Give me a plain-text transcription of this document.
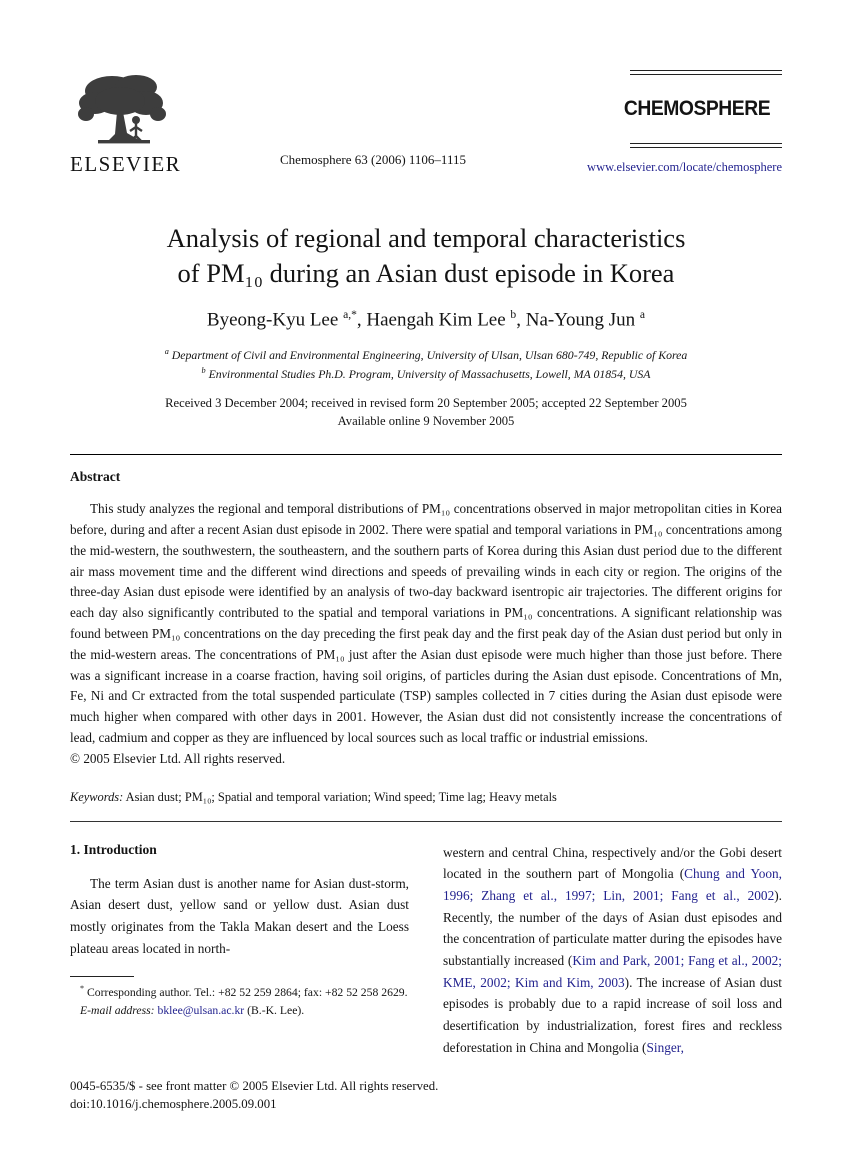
ELSEVIER	Chemosphere 63 (2006) 1106–1115
CHEMOSPHERE
www.elsevier.com/locate/chemosphere
Analysis of regional and temporal characteristics
of PM₁₀ during an Asian dust episode in Korea
Byeong-Kyu Lee $^{a,*}$, Haengah Kim Lee $^b$, Na-Young Jun $^a$
$^a$ Department of Civil and Environmental Engineering, University of Ulsan, Ulsan 680-749, Republic of Korea
$^b$ Environmental Studies Ph.D. Program, University of Massachusetts, Lowell, MA 01854, USA
Received 3 December 2004; received in revised form 20 September 2005; accepted 22 September 2005
Available online 9 November 2005
Abstract

This study analyzes the regional and temporal distributions of PM₁₀ concentrations observed in major metropolitan cities in Korea before, during and after a recent Asian dust episode in 2002. There were spatial and temporal variations in PM₁₀ concentrations among the mid-western, the southwestern, the southeastern, and the southern parts of Korea during this Asian dust period due to the different air mass movement time and the different wind directions and speeds of prevailing winds in each city or region. The origins of the three-day Asian dust episode were identified by an analysis of two-day backward isentropic air trajectories. The different origins for each day also significantly contributed to the spatial and temporal variations in PM₁₀ concentrations. A significant relationship was found between PM₁₀ concentrations on the day preceding the first peak day and the first peak day of the Asian dust period but only in the mid-western areas. The concentrations of PM₁₀ just after the Asian dust episode were much higher than those just before. There was a significant increase in a coarse fraction, having soil origins, of particles during the Asian dust episode. Concentrations of Mn, Fe, Ni and Cr extracted from the total suspended particulate (TSP) samples collected in 7 cities during the Asian dust episode were much higher when compared with other days in 2001. However, the Asian dust did not consistently increase the concentrations of lead, cadmium and copper as they are influenced by local sources such as local traffic or industrial emissions.

© 2005 Elsevier Ltd. All rights reserved.
Keywords: Asian dust; PM₁₀; Spatial and temporal variation; Wind speed; Time lag; Heavy metals
1. Introduction

The term Asian dust is another name for Asian dust-storm, Asian desert dust, yellow sand or yellow dust. Asian dust mostly originates from the Takla Makan desert and the Loess plateau areas located in north-

* Corresponding author. Tel.: +82 52 259 2864; fax: +82 52 258 2629.
E-mail address: bklee@ulsan.ac.kr (B.-K. Lee).

western and central China, respectively and/or the Gobi desert located in the southern part of Mongolia (Chung and Yoon, 1996; Zhang et al., 1997; Lin, 2001; Fang et al., 2002). Recently, the number of the days of Asian dust episodes and the concentration of particulate matter during the episodes have substantially increased (Kim and Park, 2001; Fang et al., 2002; KME, 2002; Kim and Kim, 2003). The increase of Asian dust episodes is probably due to a rapid increase of soil loss and desertification by industrialization, forest fires and reckless deforestation in China and Mongolia (Singer,

0045-6535/$ - see front matter © 2005 Elsevier Ltd. All rights reserved.
doi:10.1016/j.chemosphere.2005.09.001
